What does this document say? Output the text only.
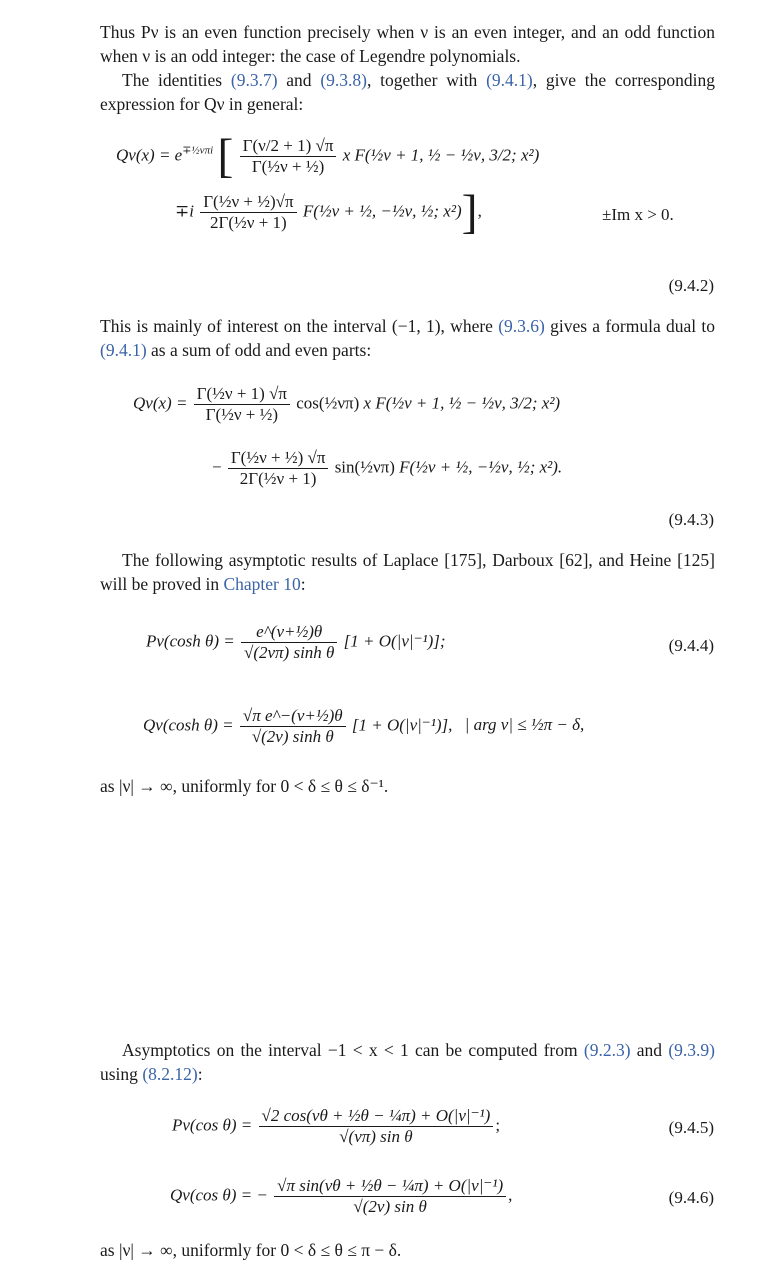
Thus Pν is an even function precisely when ν is an even integer, and an odd function when ν is an odd integer: the case of Legendre polynomials.

The identities (9.3.7) and (9.3.8), together with (9.4.1), give the corresponding expression for Qν in general:

$Q\nu(x) = e^{\mp\frac{1}{2}\nu\pi i}$ [ $\frac{\Gamma(\nu/2 + 1) √\pi}{\text{Γ(½ν + ½)}}$ x F(½ν + 1, ½ − ½ν, 3/2; x²)
$\mp i \frac{\text{Γ(½ν + ½)√π}}{\text{2Γ(½ν + 1)}}$ F(½ν + ½, −½ν, ½; x²)],	±Im x > 0.
(9.4.2)

This is mainly of interest on the interval (−1, 1), where (9.3.6) gives a formula dual to (9.4.1) as a sum of odd and even parts:

$Q\nu(x) = \frac{\text{Γ(½ν + 1) √π}}{\text{Γ(½ν + ½)}}$ cos(½νπ) x F(½ν + 1, ½ − ½ν, 3/2; x²)
− $\frac{\text{Γ(½ν + ½) √π}}{\text{2Γ(½ν + 1)}}$ sin(½νπ) F(½ν + ½, −½ν, ½; x²).
(9.4.3)

The following asymptotic results of Laplace [175], Darboux [62], and Heine [125] will be proved in Chapter 10:

Pν(cosh $\theta) = \frac{\text{e\textasciicircum{}(ν+½)θ}}{\text{√(2νπ) sinh θ}} [1 + O(|\nu|^{-1})]$;	(9.4.4)
Qν(cosh $\theta) = \frac{\text{√π e\textasciicircum{}−(ν+½)θ}}{\text{√(2ν) sinh θ}} [1 + O(|\nu|^{-1})]$, | arg ν| ≤ ½π − δ,

as |ν| → ∞, uniformly for 0 < δ ≤ θ ≤ δ⁻¹.

Asymptotics on the interval −1 < x < 1 can be computed from (9.2.3) and (9.3.9) using (8.2.12):

Pν(cos $\theta) = \frac{\text{√2 cos(νθ + ½θ − ¼π) + O(|ν|⁻¹)}}{\text{√(νπ) sin θ}}$ ;	(9.4.5)
Qν(cos θ) = − $\frac{\text{√π sin(νθ + ½θ − ¼π) + O(|ν|⁻¹)}}{\text{√(2ν) sin θ}}$ ,	(9.4.6)

as |ν| → ∞, uniformly for 0 < δ ≤ θ ≤ π − δ.
